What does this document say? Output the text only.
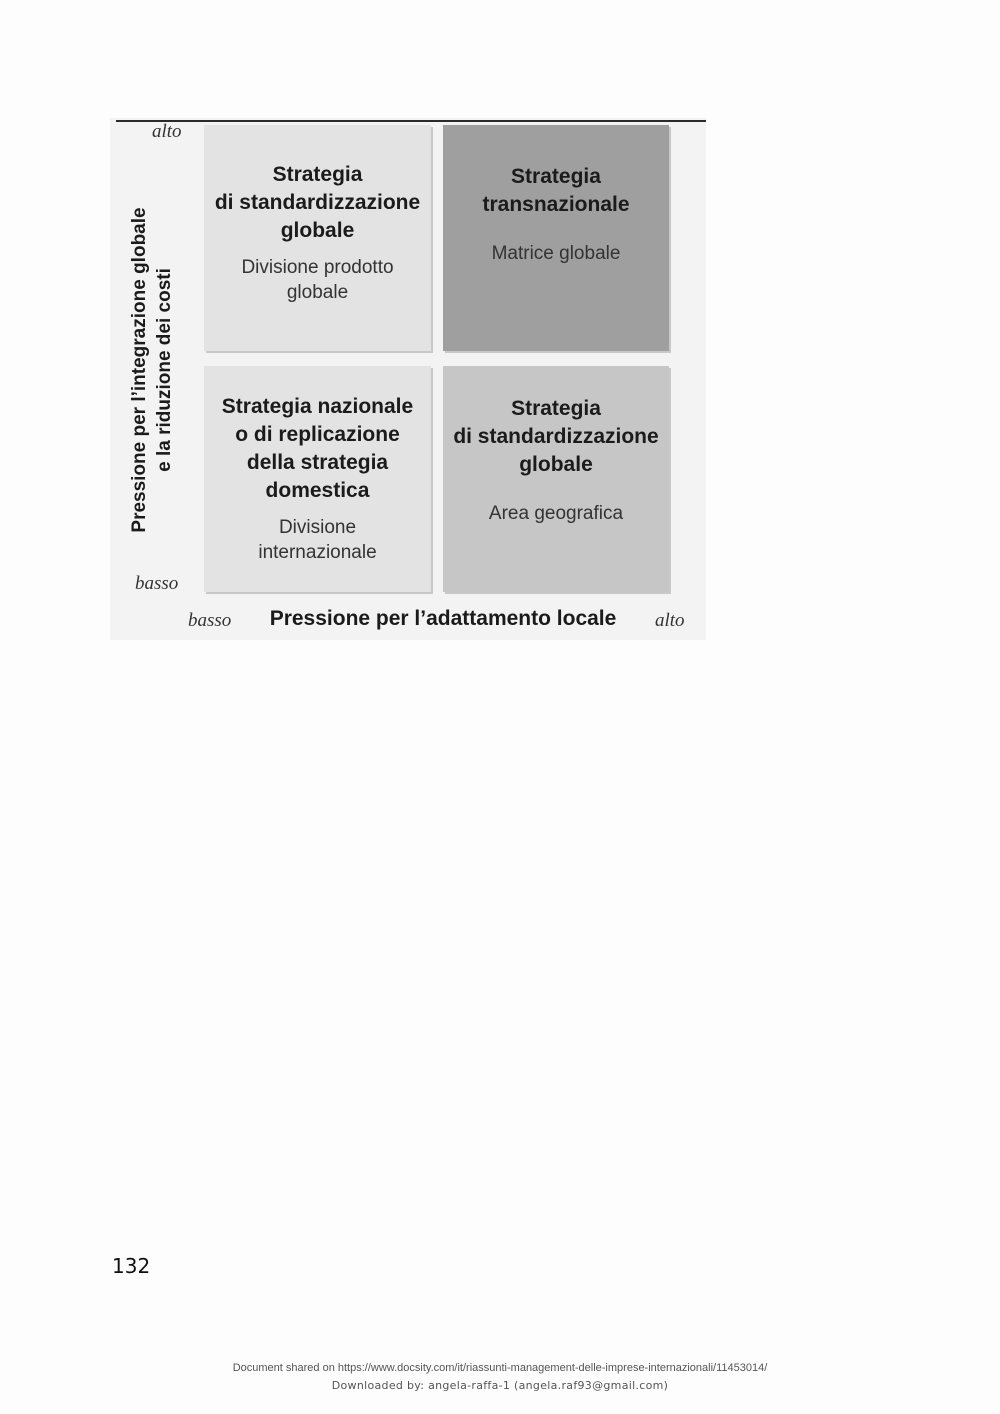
alto
basso
Pressione per l’integrazione globale
e la riduzione dei costi
Strategia
di standardizzazione
globale
Divisione prodotto
globale
Strategia
transnazionale
Matrice globale
Strategia nazionale
o di replicazione
della strategia
domestica
Divisione
internazionale
Strategia
di standardizzazione
globale
Area geografica
basso	Pressione per l’adattamento locale	alto
132
Document shared on https://www.docsity.com/it/riassunti-management-delle-imprese-internazionali/11453014/
Downloaded by: angela-raffa-1 (angela.raf93@gmail.com)
